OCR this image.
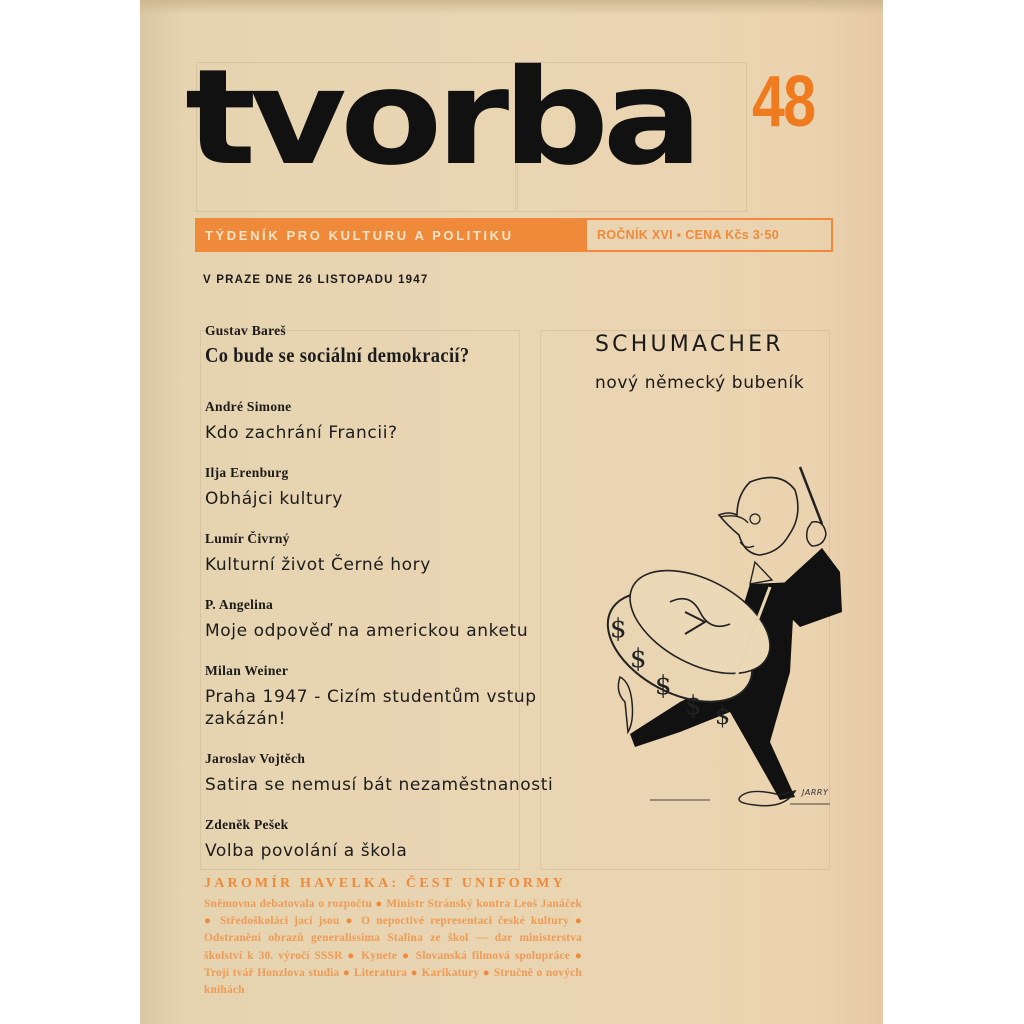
tvorba 48
TÝDENÍK PRO KULTURU A POLITIKU	ROČNÍK XVI ▪ CENA Kčs 3·50
V PRAZE DNE 26 LISTOPADU 1947
Gustav Bareš
Co bude se sociální demokracií?
André Simone
Kdo zachrání Francii?
Ilja Erenburg
Obhájci kultury
Lumír Čivrný
Kulturní život Černé hory
P. Angelina
Moje odpověď na americkou anketu
Milan Weiner
Praha 1947 - Cizím studentům vstup zakázán!
Jaroslav Vojtěch
Satira se nemusí bát nezaměstnanosti
Zdeněk Pešek
Volba povolání a škola
SCHUMACHER
nový německý bubeník
$
$
$
$ $
JARRY
JAROMÍR HAVELKA: ČEST UNIFORMY
Sněmovna debatovala o rozpočtu ● Ministr Stránský kontra Leoš Janáček ● Středoškoláci jací jsou ● O nepoctivé representaci české kultury ● Odstranění obrazů generalissima Stalina ze škol — dar ministerstva školství k 30. výročí SSSR ● Kynete ● Slovanská filmová spolupráce ● Trojí tvář Honzlova studia ● Literatura ● Karikatury ● Stručně o nových knihách
